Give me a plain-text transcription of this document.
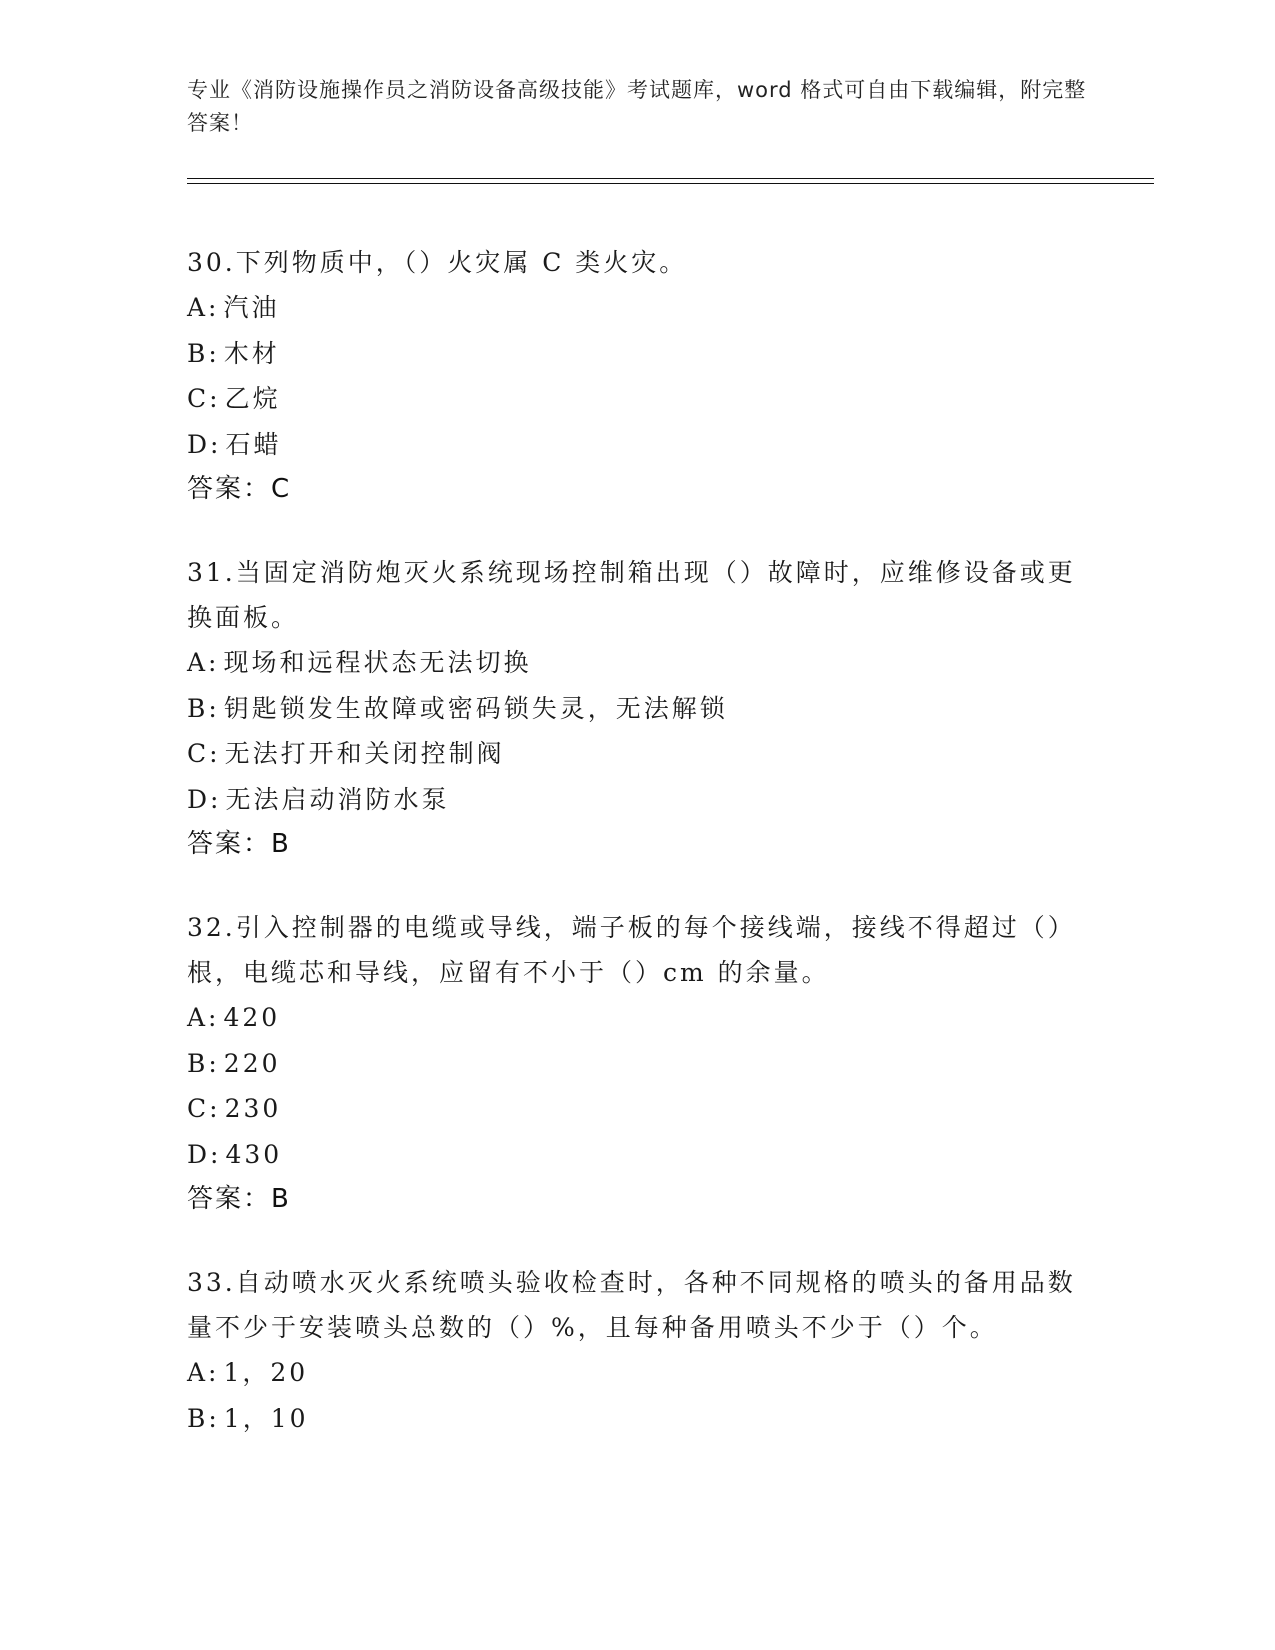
专业《消防设施操作员之消防设备高级技能》考试题库，word 格式可自由下载编辑，附完整答案！

30.下列物质中，（）火灾属 C 类火灾。

A: 汽油

B: 木材

C: 乙烷

D: 石蜡

答案：C

31.当固定消防炮灭火系统现场控制箱出现（）故障时，应维修设备或更换面板。

A: 现场和远程状态无法切换

B: 钥匙锁发生故障或密码锁失灵，无法解锁

C: 无法打开和关闭控制阀

D: 无法启动消防水泵

答案：B

32.引入控制器的电缆或导线，端子板的每个接线端，接线不得超过（）根，电缆芯和导线，应留有不小于（）cm 的余量。

A: 420

B: 220

C: 230

D: 430

答案：B

33.自动喷水灭火系统喷头验收检查时，各种不同规格的喷头的备用品数量不少于安装喷头总数的（）%，且每种备用喷头不少于（）个。

A: 1，20

B: 1，10
